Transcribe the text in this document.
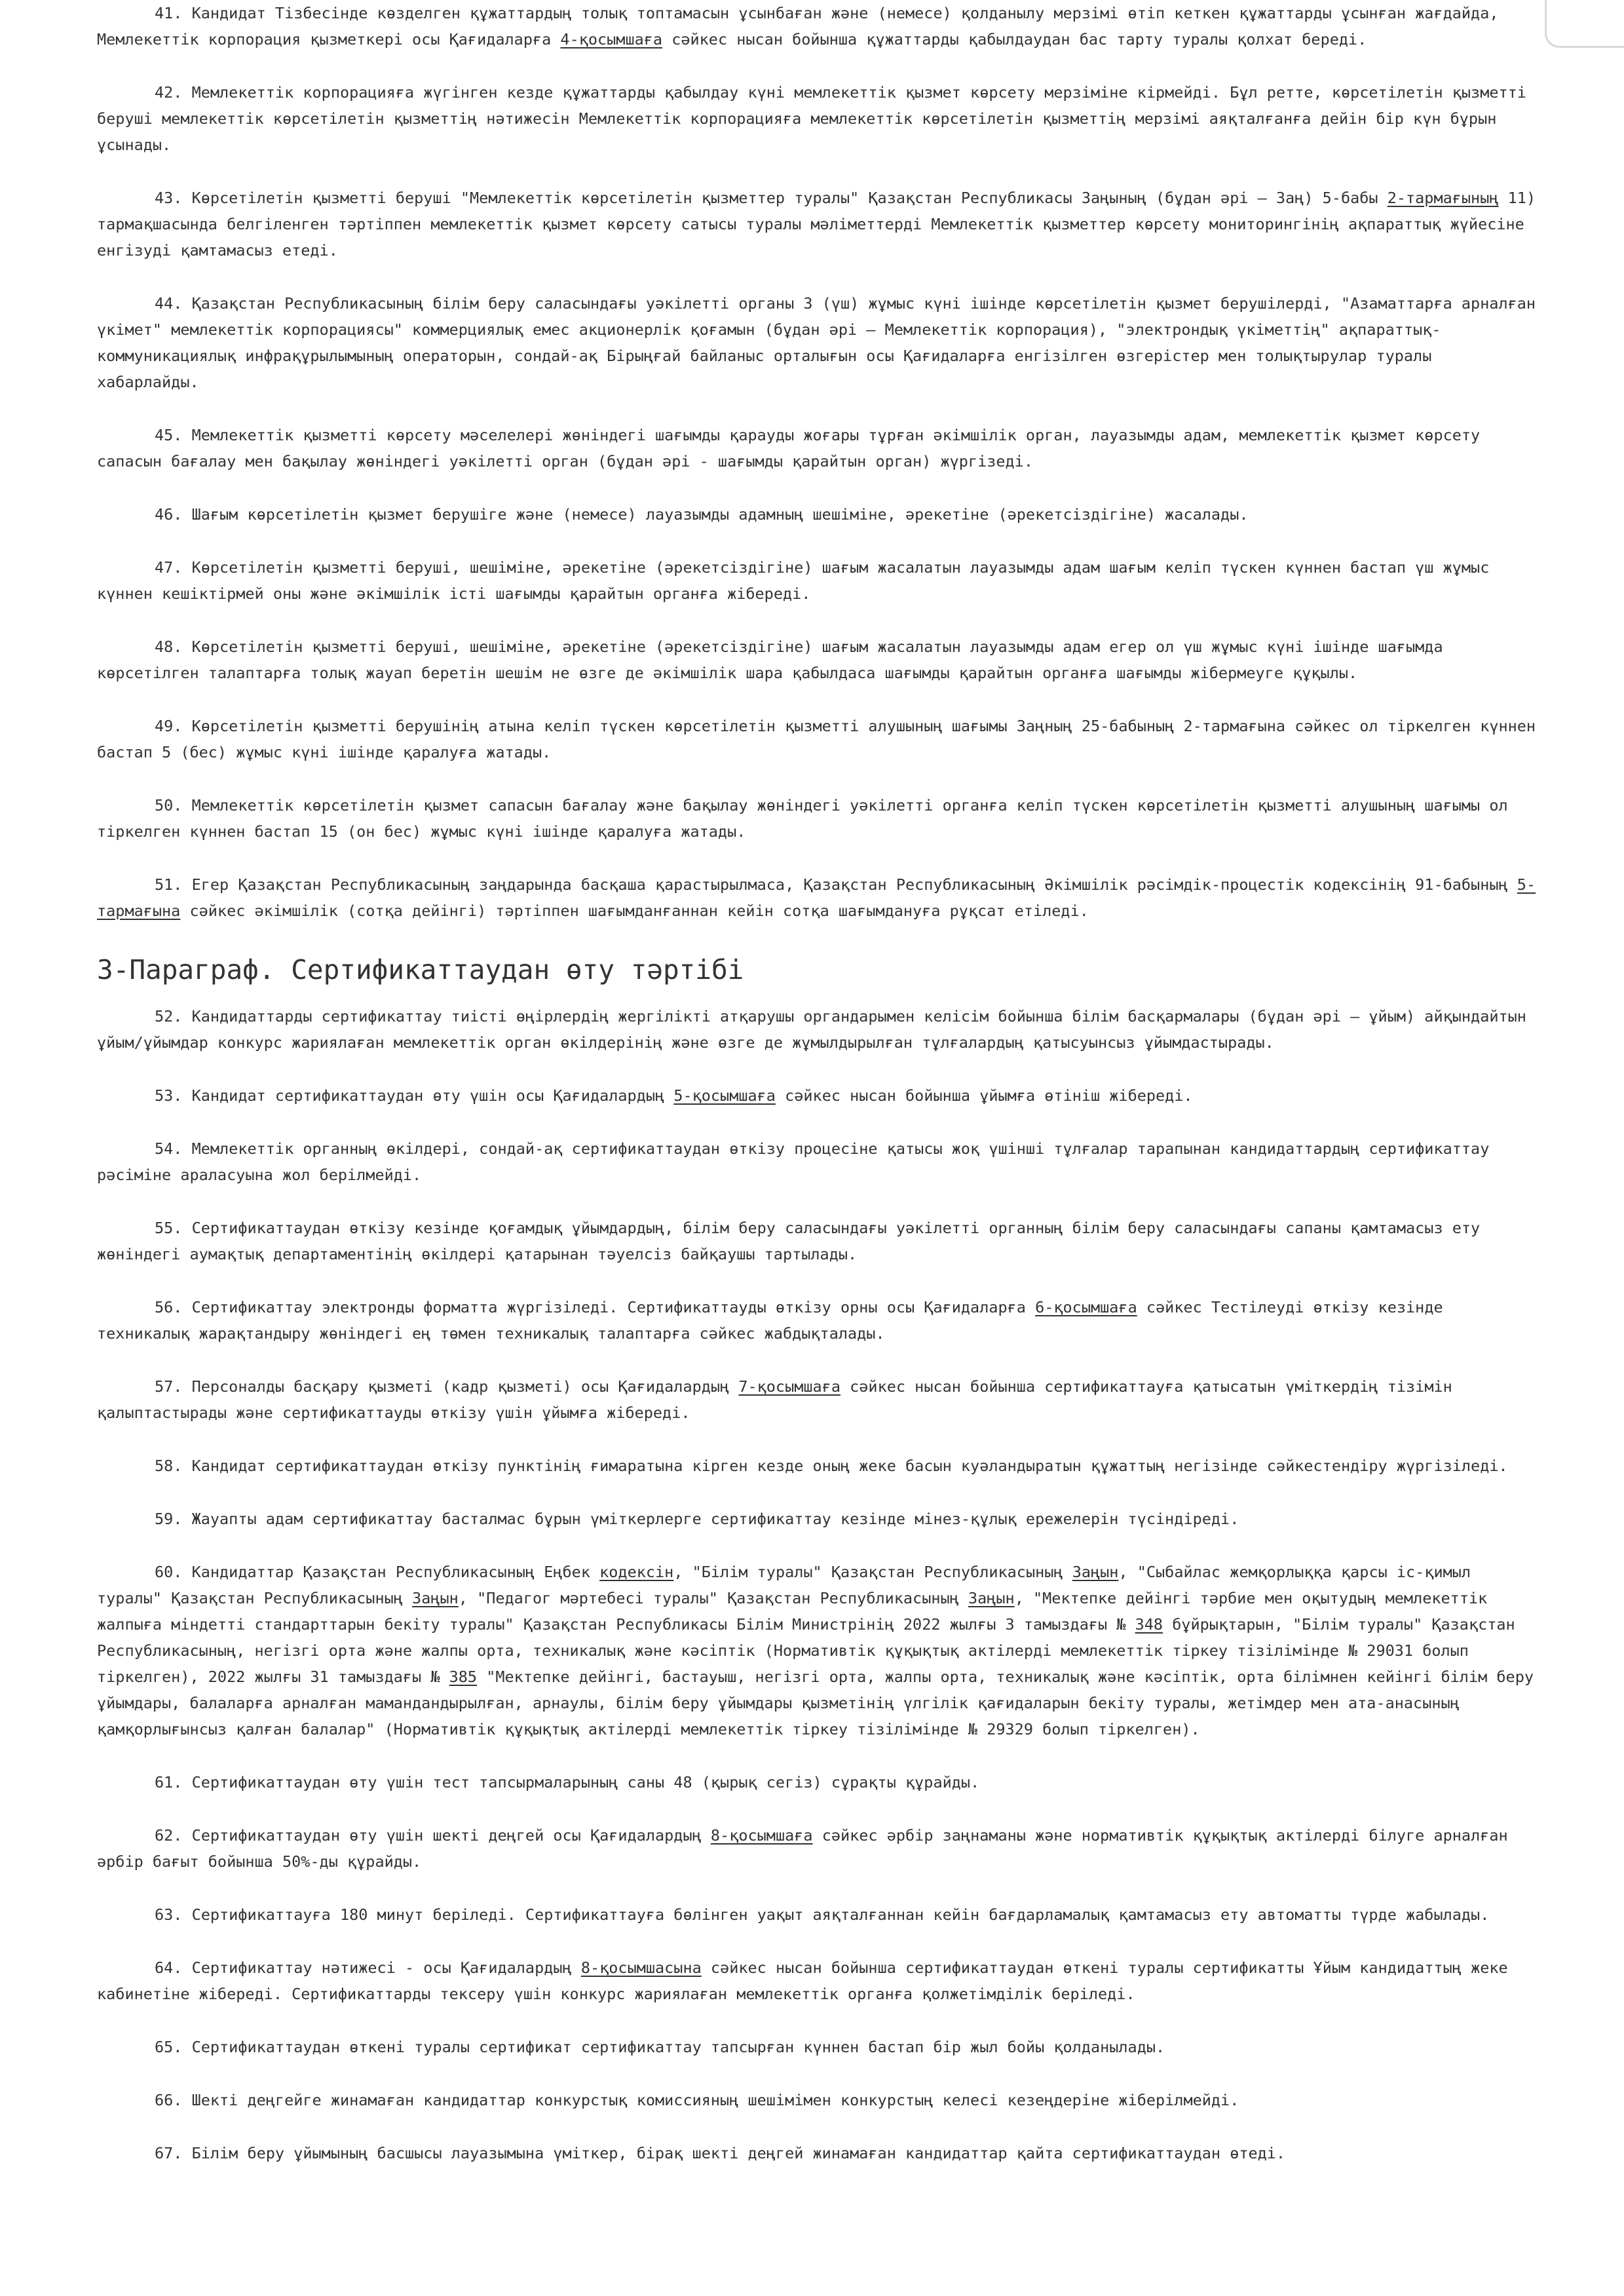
41. Кандидат Тізбесінде көзделген құжаттардың толық топтамасын ұсынбаған және (немесе) қолданылу мерзімі өтіп кеткен құжаттарды ұсынған жағдайда, Мемлекеттік корпорация қызметкері осы Қағидаларға 4-қосымшаға сәйкес нысан бойынша құжаттарды қабылдаудан бас тарту туралы қолхат береді.

42. Мемлекеттік корпорацияға жүгінген кезде құжаттарды қабылдау күні мемлекеттік қызмет көрсету мерзіміне кірмейді. Бұл ретте, көрсетілетін қызметті беруші мемлекеттік көрсетілетін қызметтің нәтижесін Мемлекеттік корпорацияға мемлекеттік көрсетілетін қызметтің мерзімі аяқталғанға дейін бір күн бұрын ұсынады.

43. Көрсетілетін қызметті беруші "Мемлекеттік көрсетілетін қызметтер туралы" Қазақстан Республикасы Заңының (бұдан әрі – Заң) 5-бабы 2-тармағының 11) тармақшасында белгіленген тәртіппен мемлекеттік қызмет көрсету сатысы туралы мәліметтерді Мемлекеттік қызметтер көрсету мониторингінің ақпараттық жүйесіне енгізуді қамтамасыз етеді.

44. Қазақстан Республикасының білім беру саласындағы уәкілетті органы 3 (үш) жұмыс күні ішінде көрсетілетін қызмет берушілерді, "Азаматтарға арналған үкімет" мемлекеттік корпорациясы" коммерциялық емес акционерлік қоғамын (бұдан әрі – Мемлекеттік корпорация), "электрондық үкіметтің" ақпараттық-коммуникациялық инфрақұрылымының операторын, сондай-ақ Бірыңғай байланыс орталығын осы Қағидаларға енгізілген өзгерістер мен толықтырулар туралы хабарлайды.

45. Мемлекеттік қызметті көрсету мәселелері жөніндегі шағымды қарауды жоғары тұрған әкімшілік орган, лауазымды адам, мемлекеттік қызмет көрсету сапасын бағалау мен бақылау жөніндегі уәкілетті орган (бұдан әрі - шағымды қарайтын орган) жүргізеді.

46. Шағым көрсетілетін қызмет берушіге және (немесе) лауазымды адамның шешіміне, әрекетіне (әрекетсіздігіне) жасалады.

47. Көрсетілетін қызметті беруші, шешіміне, әрекетіне (әрекетсіздігіне) шағым жасалатын лауазымды адам шағым келіп түскен күннен бастап үш жұмыс күннен кешіктірмей оны және әкімшілік істі шағымды қарайтын органға жібереді.

48. Көрсетілетін қызметті беруші, шешіміне, әрекетіне (әрекетсіздігіне) шағым жасалатын лауазымды адам егер ол үш жұмыс күні ішінде шағымда көрсетілген талаптарға толық жауап беретін шешім не өзге де әкімшілік шара қабылдаса шағымды қарайтын органға шағымды жібермеуге құқылы.

49. Көрсетілетін қызметті берушінің атына келіп түскен көрсетілетін қызметті алушының шағымы Заңның 25-бабының 2-тармағына сәйкес ол тіркелген күннен бастап 5 (бес) жұмыс күні ішінде қаралуға жатады.

50. Мемлекеттік көрсетілетін қызмет сапасын бағалау және бақылау жөніндегі уәкілетті органға келіп түскен көрсетілетін қызметті алушының шағымы ол тіркелген күннен бастап 15 (он бес) жұмыс күні ішінде қаралуға жатады.

51. Егер Қазақстан Республикасының заңдарында басқаша қарастырылмаса, Қазақстан Республикасының Әкімшілік рәсімдік-процестік кодексінің 91-бабының 5-тармағына сәйкес әкімшілік (сотқа дейінгі) тәртіппен шағымданғаннан кейін сотқа шағымдануға рұқсат етіледі.

3-Параграф. Сертификаттаудан өту тәртібі

52. Кандидаттарды сертификаттау тиісті өңірлердің жергілікті атқарушы органдарымен келісім бойынша білім басқармалары (бұдан әрі – ұйым) айқындайтын ұйым/ұйымдар конкурс жариялаған мемлекеттік орган өкілдерінің және өзге де жұмылдырылған тұлғалардың қатысуынсыз ұйымдастырады.

53. Кандидат сертификаттаудан өту үшін осы Қағидалардың 5-қосымшаға сәйкес нысан бойынша ұйымға өтініш жібереді.

54. Мемлекеттік органның өкілдері, сондай-ақ сертификаттаудан өткізу процесіне қатысы жоқ үшінші тұлғалар тарапынан кандидаттардың сертификаттау рәсіміне араласуына жол берілмейді.

55. Сертификаттаудан өткізу кезінде қоғамдық ұйымдардың, білім беру саласындағы уәкілетті органның білім беру саласындағы сапаны қамтамасыз ету жөніндегі аумақтық департаментінің өкілдері қатарынан тәуелсіз байқаушы тартылады.

56. Сертификаттау электронды форматта жүргізіледі. Сертификаттауды өткізу орны осы Қағидаларға 6-қосымшаға сәйкес Тестілеуді өткізу кезінде техникалық жарақтандыру жөніндегі ең төмен техникалық талаптарға сәйкес жабдықталады.

57. Персоналды басқару қызметі (кадр қызметі) осы Қағидалардың 7-қосымшаға сәйкес нысан бойынша сертификаттауға қатысатын үміткердің тізімін қалыптастырады және сертификаттауды өткізу үшін ұйымға жібереді.

58. Кандидат сертификаттаудан өткізу пунктінің ғимаратына кірген кезде оның жеке басын куәландыратын құжаттың негізінде сәйкестендіру жүргізіледі.

59. Жауапты адам сертификаттау басталмас бұрын үміткерлерге сертификаттау кезінде мінез-құлық ережелерін түсіндіреді.

60. Кандидаттар Қазақстан Республикасының Еңбек кодексін, "Білім туралы" Қазақстан Республикасының Заңын, "Сыбайлас жемқорлыққа қарсы іс-қимыл туралы" Қазақстан Республикасының Заңын, "Педагог мәртебесі туралы" Қазақстан Республикасының Заңын, "Мектепке дейінгі тәрбие мен оқытудың мемлекеттік жалпыға міндетті стандарттарын бекіту туралы" Қазақстан Республикасы Білім Министрінің 2022 жылғы 3 тамыздағы № 348 бұйрықтарын, "Білім туралы" Қазақстан Республикасының, негізгі орта және жалпы орта, техникалық және кәсіптік (Нормативтік құқықтық актілерді мемлекеттік тіркеу тізілімінде № 29031 болып тіркелген), 2022 жылғы 31 тамыздағы № 385 "Мектепке дейінгі, бастауыш, негізгі орта, жалпы орта, техникалық және кәсіптік, орта білімнен кейінгі білім беру ұйымдары, балаларға арналған мамандандырылған, арнаулы, білім беру ұйымдары қызметінің үлгілік қағидаларын бекіту туралы, жетімдер мен ата-анасының қамқорлығынсыз қалған балалар" (Нормативтік құқықтық актілерді мемлекеттік тіркеу тізілімінде № 29329 болып тіркелген).

61. Сертификаттаудан өту үшін тест тапсырмаларының саны 48 (қырық сегіз) сұрақты құрайды.

62. Сертификаттаудан өту үшін шекті деңгей осы Қағидалардың 8-қосымшаға сәйкес әрбір заңнаманы және нормативтік құқықтық актілерді білуге арналған әрбір бағыт бойынша 50%-ды құрайды.

63. Сертификаттауға 180 минут беріледі. Сертификаттауға бөлінген уақыт аяқталғаннан кейін бағдарламалық қамтамасыз ету автоматты түрде жабылады.

64. Сертификаттау нәтижесі - осы Қағидалардың 8-қосымшасына сәйкес нысан бойынша сертификаттаудан өткені туралы сертификатты Ұйым кандидаттың жеке кабинетіне жібереді. Сертификаттарды тексеру үшін конкурс жариялаған мемлекеттік органға қолжетімділік беріледі.

65. Сертификаттаудан өткені туралы сертификат сертификаттау тапсырған күннен бастап бір жыл бойы қолданылады.

66. Шекті деңгейге жинамаған кандидаттар конкурстық комиссияның шешімімен конкурстың келесі кезеңдеріне жіберілмейді.

67. Білім беру ұйымының басшысы лауазымына үміткер, бірақ шекті деңгей жинамаған кандидаттар қайта сертификаттаудан өтеді.
